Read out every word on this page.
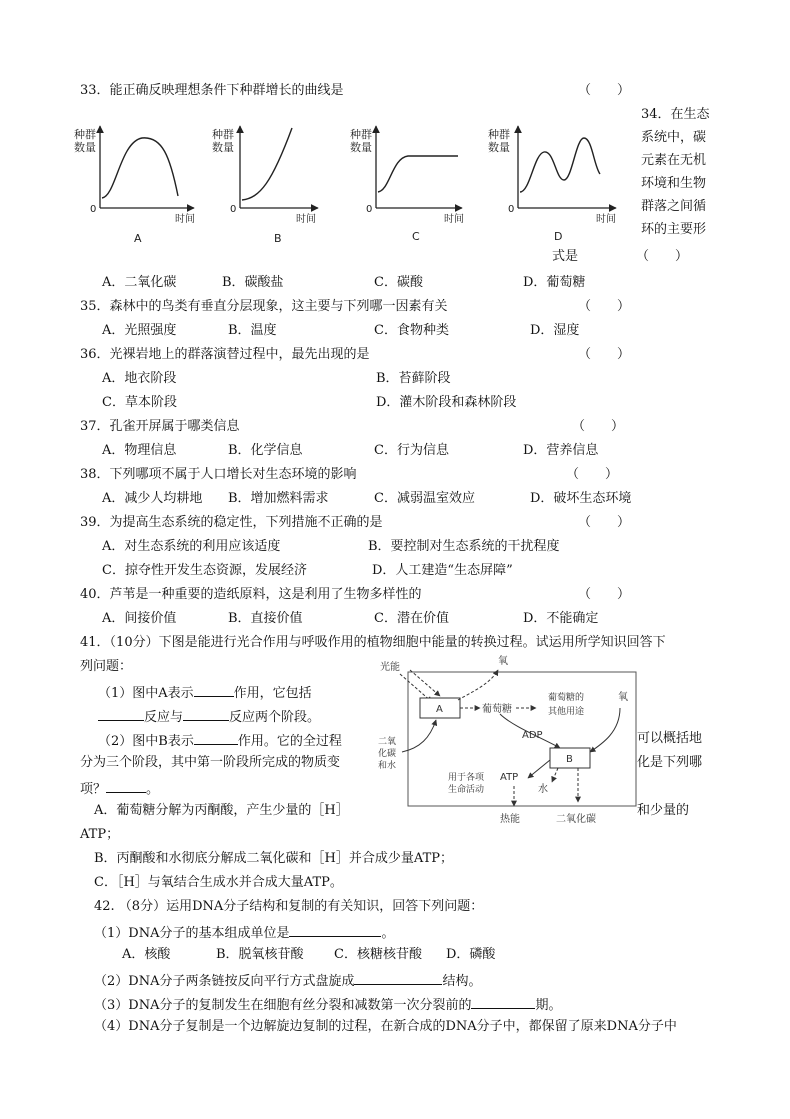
33．能正确反映理想条件下种群增长的曲线是	（　　）
种群
数量
0
时间
A
种群
数量
0
时间
B
种群
数量
0
时间
C
种群
数量
0
时间
D
34．在生态
系统中，碳
元素在无机
环境和生物
群落之间循
环的主要形
式是	（　　）
A．二氧化碳	B．碳酸盐	C．碳酸	D．葡萄糖
35．森林中的鸟类有垂直分层现象，这主要与下列哪一因素有关	（　　）
A．光照强度	B．温度	C．食物种类	D．湿度
36．光裸岩地上的群落演替过程中，最先出现的是	（　　）
A．地衣阶段	B．苔藓阶段
C．草本阶段	D．灌木阶段和森林阶段
37．孔雀开屏属于哪类信息	（　　）
A．物理信息	B．化学信息	C．行为信息	D．营养信息
38．下列哪项不属于人口增长对生态环境的影响	（　　）
A．减少人均耕地 B．增加燃料需求	C．减弱温室效应	D．破坏生态环境
39．为提高生态系统的稳定性，下列措施不正确的是	（　　）
A．对生态系统的利用应该适度	B．要控制对生态系统的干扰程度
C．掠夺性开发生态资源，发展经济	D．人工建造“生态屏障”
40．芦苇是一种重要的造纸原料，这是利用了生物多样性的	（　　）
A．间接价值	B．直接价值	C．潜在价值	D．不能确定
41．（10分）下图是能进行光合作用与呼吸作用的植物细胞中能量的转换过程。试运用所学知识回答下
列问题：
（1）图中A表示	作用，它包括
反应与	反应两个阶段。
（2）图中B表示	作用。它的全过程	可以概括地
分为三个阶段，其中第一阶段所完成的物质变	化是下列哪
项？	。
A．葡萄糖分解为丙酮酸，产生少量的［H］	和少量的
ATP；
B．丙酮酸和水彻底分解成二氧化碳和［H］并合成少量ATP；
C．［H］与氧结合生成水并合成大量ATP。
光能
A
氧
葡萄糖
葡萄糖的
其他用途
氧
二氧
化碳
和水
ADP
B
ATP
用于各项
生命活动	水
热能	二氧化碳
42. （8分）运用DNA分子结构和复制的有关知识，回答下列问题：
（1）DNA分子的基本组成单位是	。
A．核酸	B．脱氧核苷酸 C．核糖核苷酸 D．磷酸
（2）DNA分子两条链按反向平行方式盘旋成	结构。
（3）DNA分子的复制发生在细胞有丝分裂和减数第一次分裂前的	期。
（4）DNA分子复制是一个边解旋边复制的过程，在新合成的DNA分子中，都保留了原来DNA分子中
